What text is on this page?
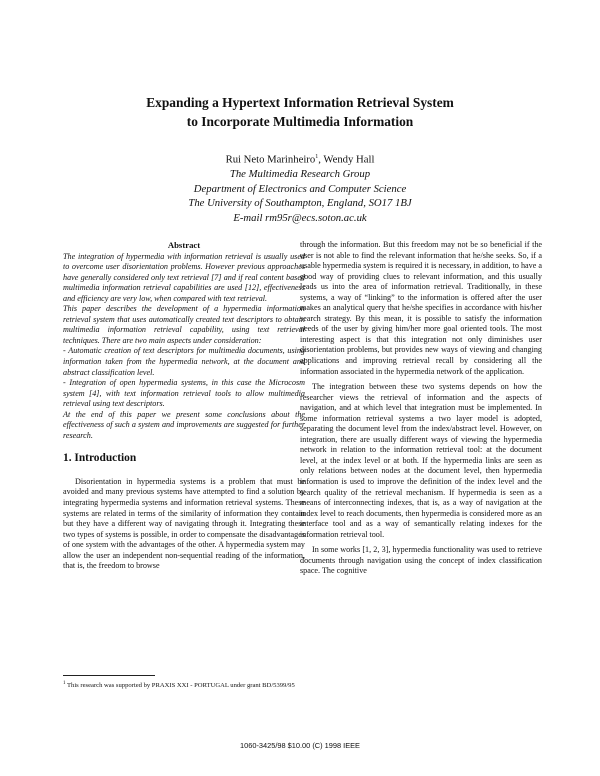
Expanding a Hypertext Information Retrieval System
to Incorporate Multimedia Information
Rui Neto Marinheiro$^1$, Wendy Hall
The Multimedia Research Group
Department of Electronics and Computer Science
The University of Southampton, England, SO17 1BJ
E-mail rm95r@ecs.soton.ac.uk
Abstract

The integration of hypermedia with information retrieval is usually used to overcome user disorientation problems. However previous approaches have generally considered only text retrieval [7] and if real content based multimedia information retrieval capabilities are used [12], effectiveness and efficiency are very low, when compared with text retrieval.

This paper describes the development of a hypermedia information retrieval system that uses automatically created text descriptors to obtain multimedia information retrieval capability, using text retrieval techniques. There are two main aspects under consideration:

- Automatic creation of text descriptors for multimedia documents, using information taken from the hypermedia network, at the document and abstract classification level.

- Integration of open hypermedia systems, in this case the Microcosm system [4], with text information retrieval tools to allow multimedia retrieval using text descriptors.

At the end of this paper we present some conclusions about the effectiveness of such a system and improvements are suggested for further research.

1. Introduction

Disorientation in hypermedia systems is a problem that must be avoided and many previous systems have attempted to find a solution by integrating hypermedia systems and information retrieval systems. These systems are related in terms of the similarity of information they contain but they have a different way of navigating through it. Integrating these two types of systems is possible, in order to compensate the disadvantages of one system with the advantages of the other. A hypermedia system may allow the user an independent non-sequential reading of the information, that is, the freedom to browse

through the information. But this freedom may not be so beneficial if the user is not able to find the relevant information that he/she seeks. So, if a usable hypermedia system is required it is necessary, in addition, to have a good way of providing clues to relevant information, and this usually leads us into the area of information retrieval. Traditionally, in these systems, a way of “linking” to the information is offered after the user makes an analytical query that he/she specifies in accordance with his/her search strategy. By this mean, it is possible to satisfy the information needs of the user by giving him/her more goal oriented tools. The most interesting aspect is that this integration not only diminishes user disorientation problems, but provides new ways of viewing and changing applications and improving retrieval recall by considering all the information associated in the hypermedia network of the application.

The integration between these two systems depends on how the researcher views the retrieval of information and the aspects of navigation, and at which level that integration must be implemented. In some information retrieval systems a two layer model is adopted, separating the document level from the index/abstract level. However, on integration, there are usually different ways of viewing the hypermedia network in relation to the information retrieval tool: at the document level, at the index level or at both. If the hypermedia links are seen as only relations between nodes at the document level, then hypermedia information is used to improve the definition of the index level and the search quality of the retrieval mechanism. If hypermedia is seen as a means of interconnecting indexes, that is, as a way of navigation at the index level to reach documents, then hypermedia is considered more as an interface tool and as a way of semantically relating indexes for the information retrieval tool.

In some works [1, 2, 3], hypermedia functionality was used to retrieve documents through navigation using the concept of index classification space. The cognitive

$^1$ This research was supported by PRAXIS XXI - PORTUGAL under grant BD/5399/95
1060-3425/98 $10.00 (C) 1998 IEEE
